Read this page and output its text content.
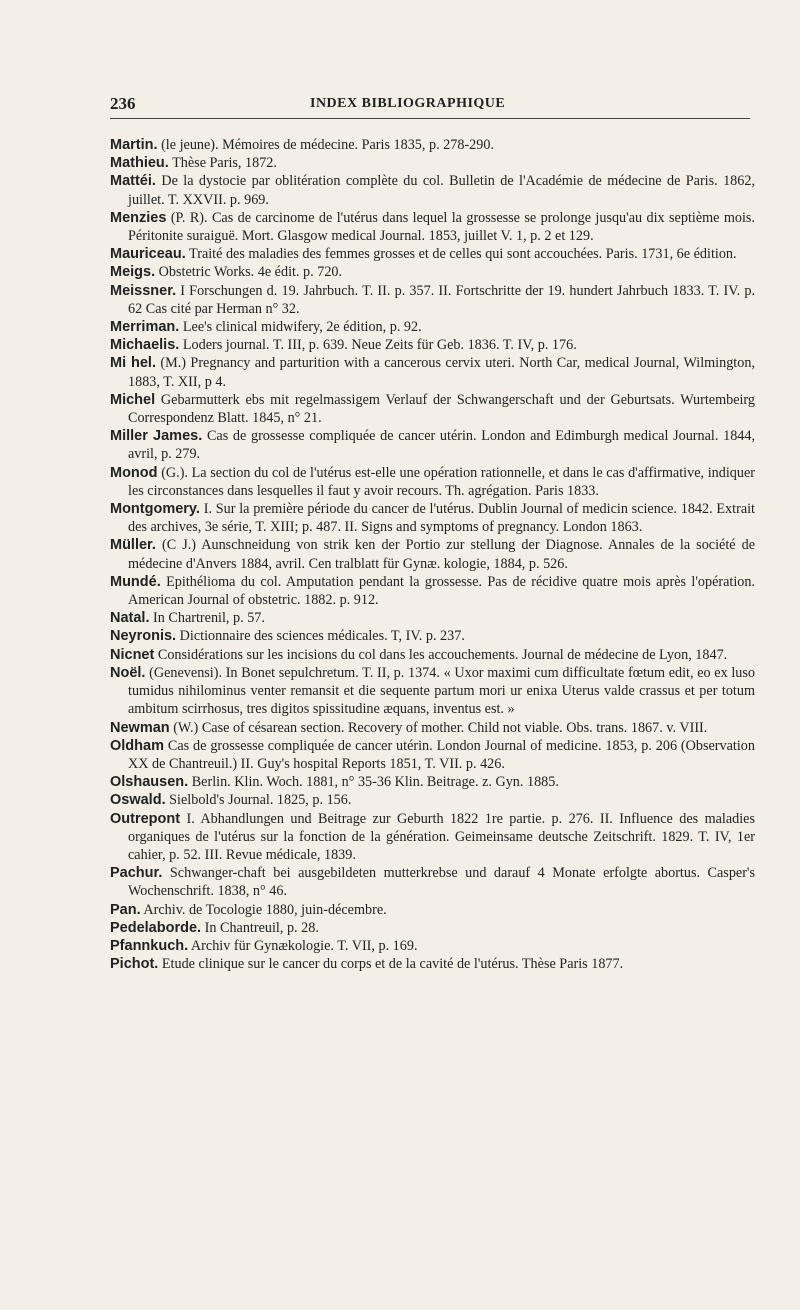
236	INDEX BIBLIOGRAPHIQUE

Martin. (le jeune). Mémoires de médecine. Paris 1835, p. 278-290.

Mathieu. Thèse Paris, 1872.

Mattéi. De la dystocie par oblitération complète du col. Bulletin de l'Académie de médecine de Paris. 1862, juillet. T. XXVII. p. 969.

Menzies (P. R). Cas de carcinome de l'utérus dans lequel la grossesse se prolonge jusqu'au dix septième mois. Péritonite suraiguë. Mort. Glasgow medical Journal. 1853, juillet V. 1, p. 2 et 129.

Mauriceau. Traité des maladies des femmes grosses et de celles qui sont accouchées. Paris. 1731, 6e édition.

Meigs. Obstetric Works. 4e édit. p. 720.

Meissner. I Forschungen d. 19. Jahrbuch. T. II. p. 357. II. Fortschritte der 19. hundert Jahrbuch 1833. T. IV. p. 62 Cas cité par Herman n° 32.

Merriman. Lee's clinical midwifery, 2e édition, p. 92.

Michaelis. Loders journal. T. III, p. 639. Neue Zeits für Geb. 1836. T. IV, p. 176.

Mi hel. (M.) Pregnancy and parturition with a cancerous cervix uteri. North Car, medical Journal, Wilmington, 1883, T. XII, p 4.

Michel Gebarmutterk ebs mit regelmassigem Verlauf der Schwangerschaft und der Geburtsats. Wurtembeirg Correspondenz Blatt. 1845, n° 21.

Miller James. Cas de grossesse compliquée de cancer utérin. London and Edimburgh medical Journal. 1844, avril, p. 279.

Monod (G.). La section du col de l'utérus est-elle une opération rationnelle, et dans le cas d'affirmative, indiquer les circonstances dans lesquelles il faut y avoir recours. Th. agrégation. Paris 1833.

Montgomery. I. Sur la première période du cancer de l'utérus. Dublin Journal of medicin science. 1842. Extrait des archives, 3e série, T. XIII; p. 487. II. Signs and symptoms of pregnancy. London 1863.

Müller. (C J.) Aunschneidung von strik ken der Portio zur stellung der Diagnose. Annales de la société de médecine d'Anvers 1884, avril. Cen tralblatt für Gynæ. kologie, 1884, p. 526.

Mundé. Epithélioma du col. Amputation pendant la grossesse. Pas de récidive quatre mois après l'opération. American Journal of obstetric. 1882. p. 912.

Natal. In Chartrenil, p. 57.

Neyronis. Dictionnaire des sciences médicales. T, IV. p. 237.

Nicnet Considérations sur les incisions du col dans les accouchements. Journal de médecine de Lyon, 1847.

Noël. (Genevensi). In Bonet sepulchretum. T. II, p. 1374. « Uxor maximi cum difficultate fœtum edit, eo ex luso tumidus nihilominus venter remansit et die sequente partum mori ur enixa Uterus valde crassus et per totum ambitum scirrhosus, tres digitos spissitudine æquans, inventus est. »

Newman (W.) Case of césarean section. Recovery of mother. Child not viable. Obs. trans. 1867. v. VIII.

Oldham Cas de grossesse compliquée de cancer utérin. London Journal of medicine. 1853, p. 206 (Observation XX de Chantreuil.) II. Guy's hospital Reports 1851, T. VII. p. 426.

Olshausen. Berlin. Klin. Woch. 1881, n° 35-36 Klin. Beitrage. z. Gyn. 1885.

Oswald. Sielbold's Journal. 1825, p. 156.

Outrepont I. Abhandlungen und Beitrage zur Geburth 1822 1re partie. p. 276. II. Influence des maladies organiques de l'utérus sur la fonction de la génération. Geimeinsame deutsche Zeitschrift. 1829. T. IV, 1er cahier, p. 52. III. Revue médicale, 1839.

Pachur. Schwanger-chaft bei ausgebildeten mutterkrebse und darauf 4 Monate erfolgte abortus. Casper's Wochenschrift. 1838, n° 46.

Pan. Archiv. de Tocologie 1880, juin-décembre.

Pedelaborde. In Chantreuil, p. 28.

Pfannkuch. Archiv für Gynækologie. T. VII, p. 169.

Pichot. Etude clinique sur le cancer du corps et de la cavité de l'utérus. Thèse Paris 1877.
